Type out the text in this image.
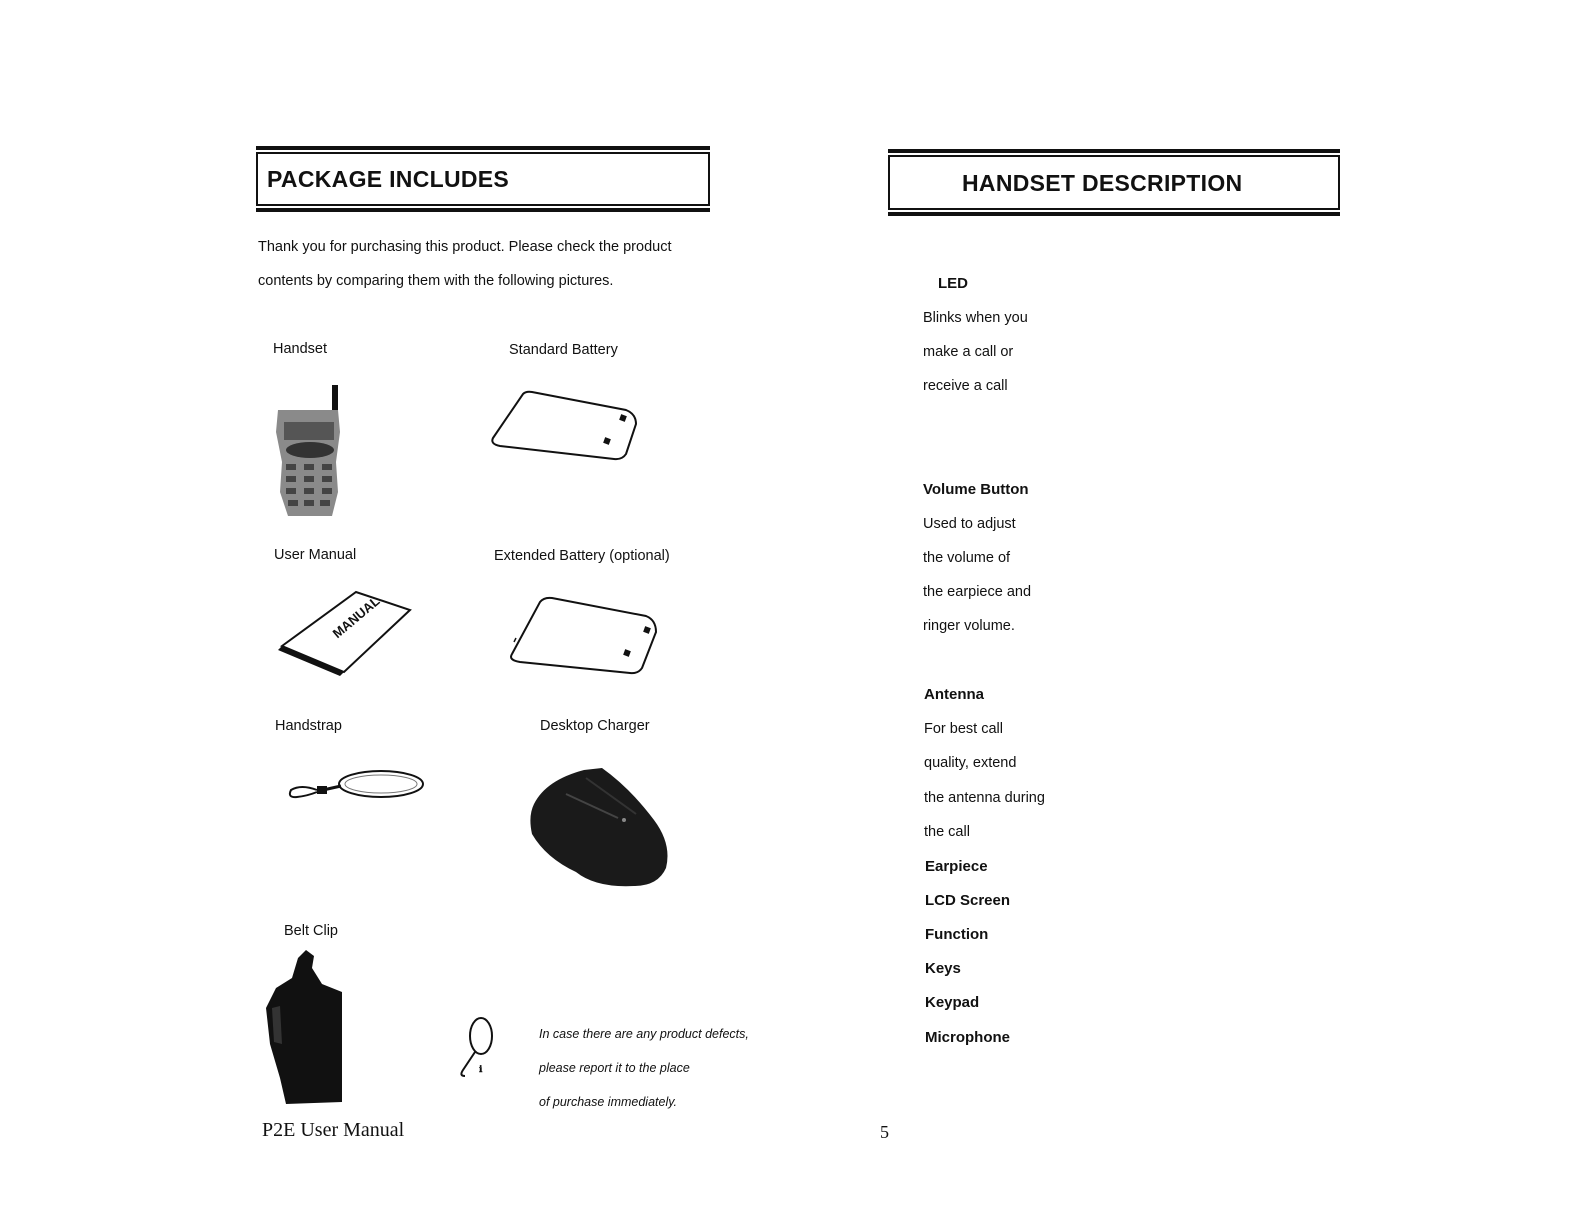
PACKAGE INCLUDES
Thank you for purchasing this product. Please check the product
contents by comparing them with the following pictures.
Handset	Standard Battery
User Manual	Extended Battery (optional)
MANUAL
Handstrap	Desktop Charger
Belt Clip
ℹ
In case there are any product defects,
please report it to the place
of purchase immediately.
P2E User Manual	5
HANDSET DESCRIPTION
LED
Blinks when you
make a call or
receive a call
Volume Button
Used to adjust
the volume of
the earpiece and
ringer volume.
Antenna
For best call
quality, extend
the antenna during
the call
Earpiece
LCD Screen
Function
Keys
Keypad
Microphone
